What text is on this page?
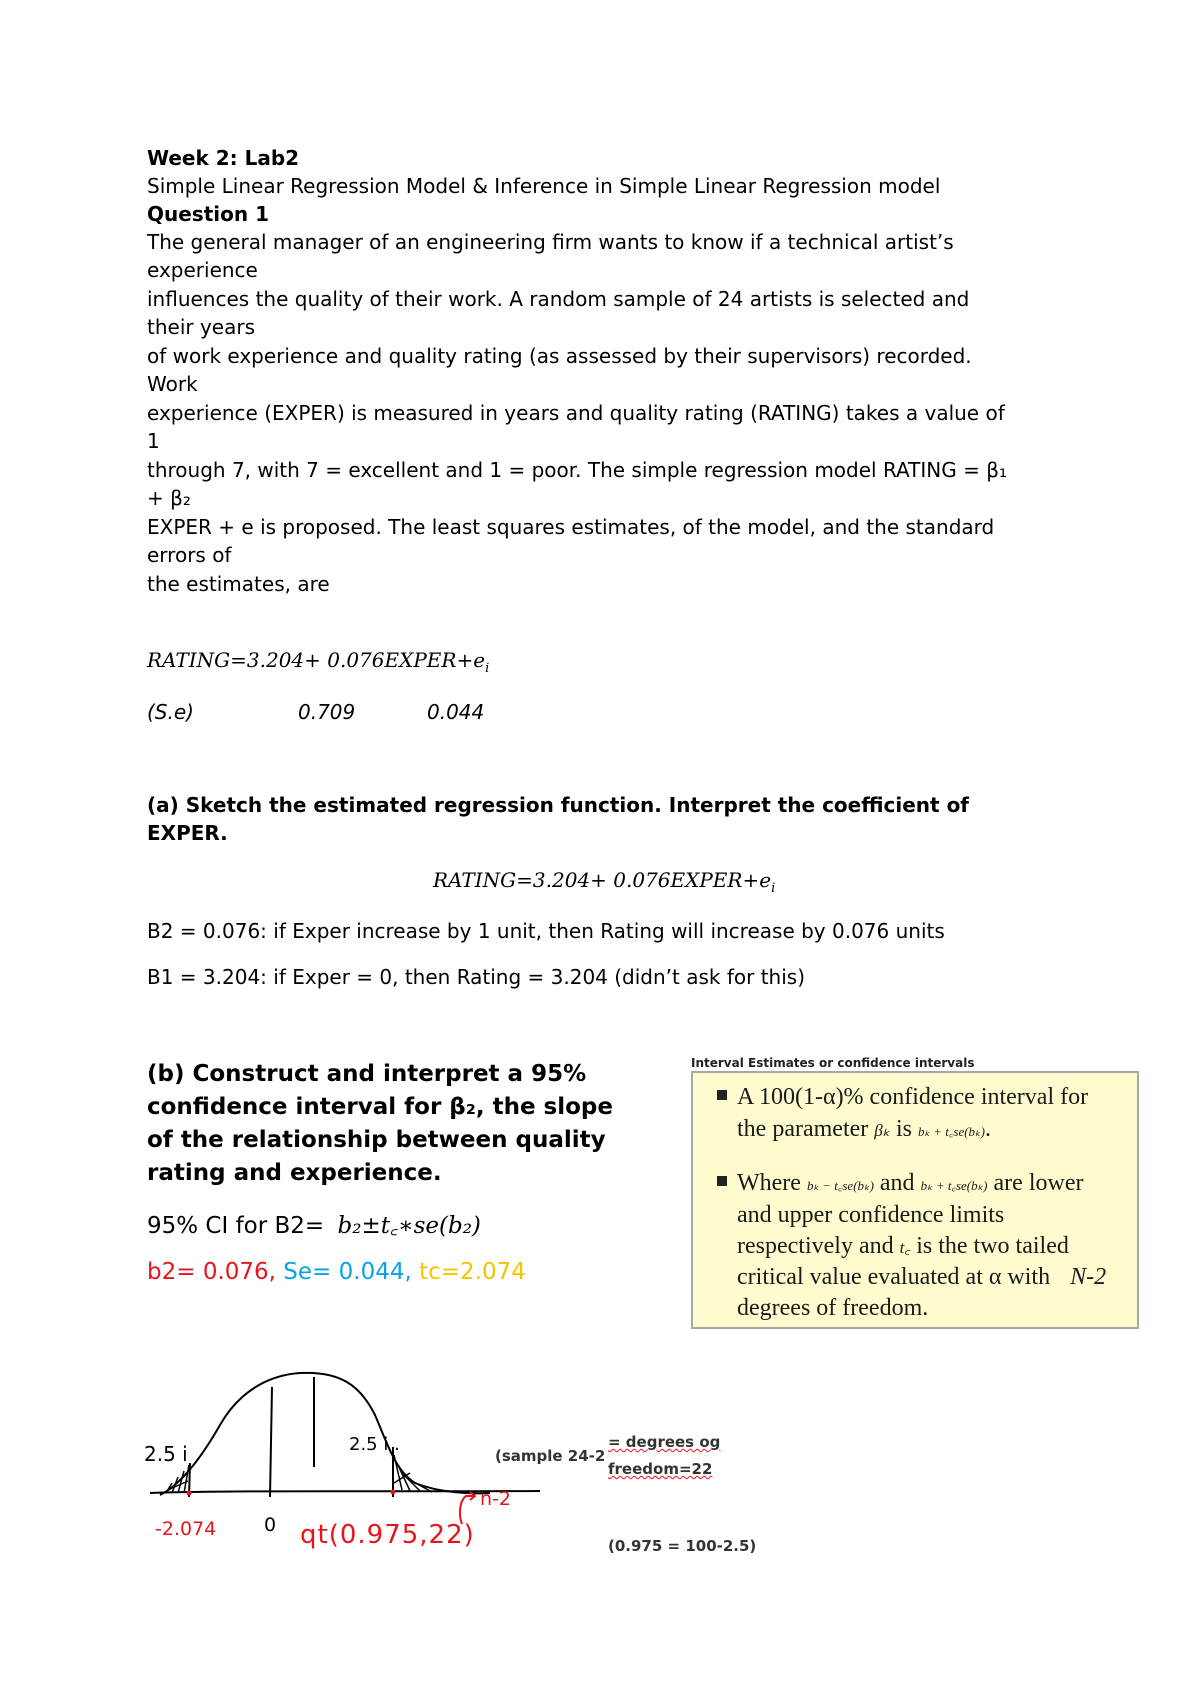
Week 2: Lab2
Simple Linear Regression Model & Inference in Simple Linear Regression model
Question 1
The general manager of an engineering firm wants to know if a technical artist’s
experience
influences the quality of their work. A random sample of 24 artists is selected and
their years
of work experience and quality rating (as assessed by their supervisors) recorded.
Work
experience (EXPER) is measured in years and quality rating (RATING) takes a value of
1
through 7, with 7 = excellent and 1 = poor. The simple regression model RATING = β₁
+ β₂
EXPER + e is proposed. The least squares estimates, of the model, and the standard
errors of
the estimates, are
RATING=3.204+ $0.076EXPER+e_i$
(S.e)	0.709	0.044
(a) Sketch the estimated regression function. Interpret the coefficient of
EXPER.
RATING=3.204+ $0.076EXPER+e_i$
B2 = 0.076: if Exper increase by 1 unit, then Rating will increase by 0.076 units
B1 = 3.204: if Exper = 0, then Rating = 3.204 (didn’t ask for this)
(b) Construct and interpret a 95%
confidence interval for β₂, the slope
of the relationship between quality
rating and experience.
95% CI for B2= b₂±t꜀∗se(b₂)
b2= 0.076, Se= 0.044, tc=2.074
Interval Estimates or confidence intervals
A 100(1-α)% confidence interval for
the parameter βₖ is bₖ + t꜀se(bₖ).
Where bₖ − t꜀se(bₖ) and bₖ + t꜀se(bₖ) are lower
and upper confidence limits
respectively and t꜀ is the two tailed
critical value evaluated at α with N-2
degrees of freedom.
2.5 i	2.5 i .
-2.074	0 qt(0.975,22)
n-2
(sample 24-2
= degrees og
freedom=22
(0.975 = 100-2.5)
